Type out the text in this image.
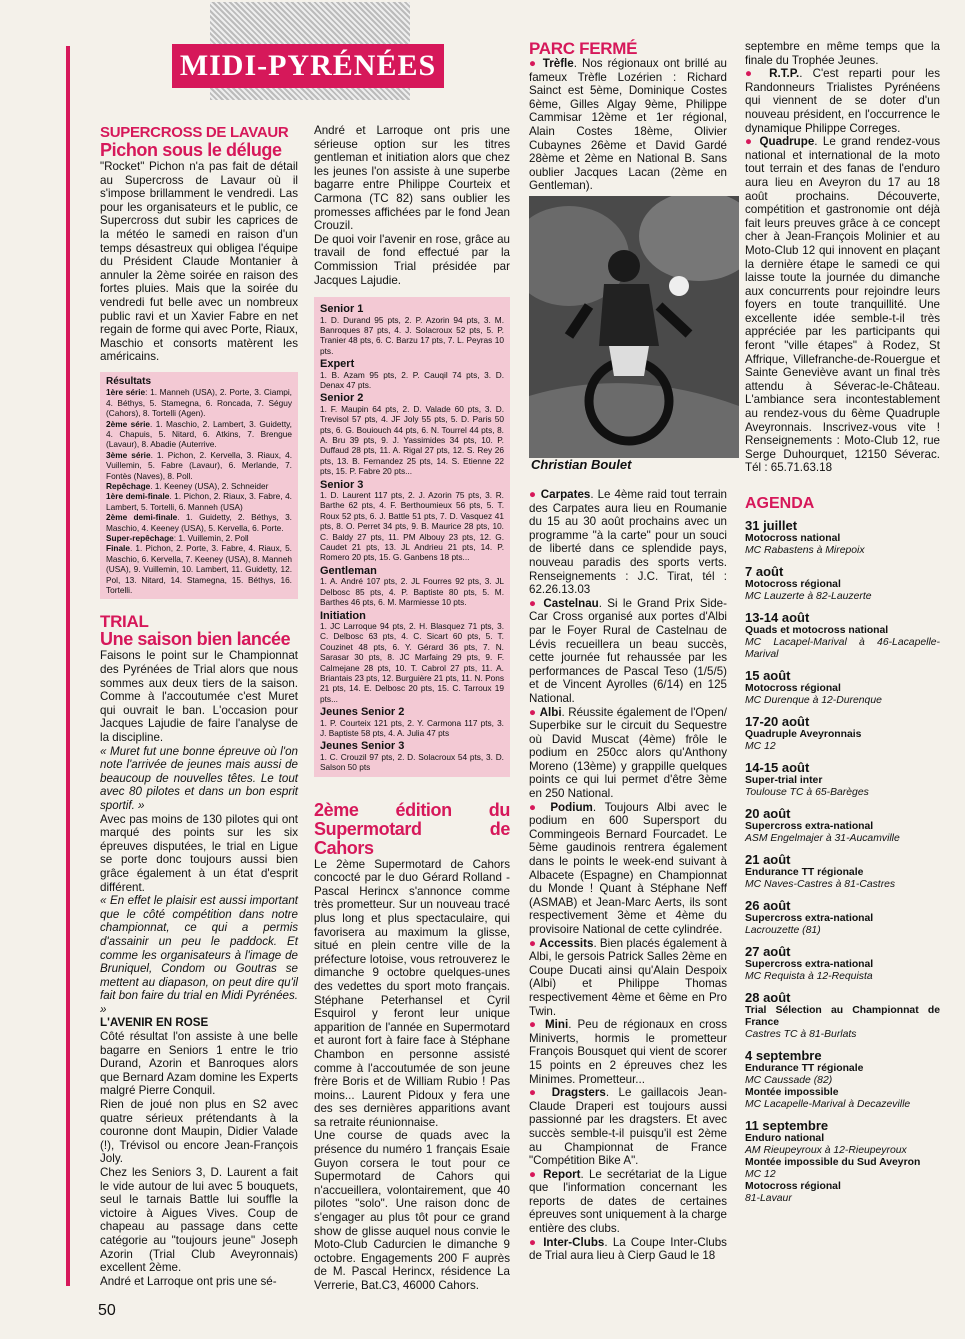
MIDI-PYRÉNÉES
SUPERCROSS DE LAVAUR
Pichon sous le déluge

"Rocket" Pichon n'a pas fait de détail au Supercross de Lavaur où il s'impose brillamment le vendredi. Las pour les organisateurs et le public, ce Supercross dut subir les caprices de la météo le samedi en raison d'un temps désastreux qui obligea l'équipe du Président Claude Montanier à annuler la 2ème soirée en raison des fortes pluies. Mais que la soirée du vendredi fut belle avec un nombreux public ravi et un Xavier Fabre en net regain de forme qui avec Porte, Riaux, Maschio et consorts matèrent les américains.

Résultats

1ère série: 1. Manneh (USA), 2. Porte, 3. Ciampi, 4. Béthys, 5. Stamegna, 6. Roncada, 7. Séguy (Cahors), 8. Tortelli (Agen).

2ème série. 1. Maschio, 2. Lambert, 3. Guidetty, 4. Chapuis, 5. Nitard, 6. Atkins, 7. Brengue (Lavaur), 8. Abadie (Auterrive.

3ème série. 1. Pichon, 2. Kervella, 3. Riaux, 4. Vuillemin, 5. Fabre (Lavaur), 6. Merlande, 7. Fontès (Naves), 8. Poll.

Repêchage. 1. Keeney (USA), 2. Schneider

1ère demi-finale. 1. Pichon, 2. Riaux, 3. Fabre, 4. Lambert, 5. Tortelli, 6. Manneh (USA)

2ème demi-finale. 1. Guidetty, 2. Béthys, 3. Maschio, 4. Keeney (USA), 5. Kervella, 6. Porte.

Super-repêchage: 1. Vuillemin, 2. Poll

Finale. 1. Pichon, 2. Porte, 3. Fabre, 4. Riaux, 5. Maschio, 6. Kervella, 7. Keeney (USA), 8. Manneh (USA), 9. Vuillemin, 10. Lambert, 11. Guidetty, 12. Pol, 13. Nitard, 14. Stamegna, 15. Béthys, 16. Tortelli.

TRIAL
Une saison bien lancée

Faisons le point sur le Championnat des Pyrénées de Trial alors que nous sommes aux deux tiers de la saison. Comme à l'accoutumée c'est Muret qui ouvrait le ban. L'occasion pour Jacques Lajudie de faire l'analyse de la discipline.

« Muret fut une bonne épreuve où l'on note l'arrivée de jeunes mais aussi de beaucoup de nouvelles têtes. Le tout avec 80 pilotes et dans un bon esprit sportif. »

Avec pas moins de 130 pilotes qui ont marqué des points sur les six épreuves disputées, le trial en Ligue se porte donc toujours aussi bien grâce également à un état d'esprit différent.

« En effet le plaisir est aussi important que le côté compétition dans notre championnat, ce qui a permis d'assainir un peu le paddock. Et comme les organisateurs à l'image de Bruniquel, Condom ou Goutras se mettent au diapason, on peut dire qu'il fait bon faire du trial en Midi Pyrénées. »

L'AVENIR EN ROSE

Côté résultat l'on assiste à une belle bagarre en Seniors 1 entre le trio Durand, Azorin et Banroques alors que Bernard Azam domine les Experts malgré Pierre Conquil.

Rien de joué non plus en S2 avec quatre sérieux prétendants à la couronne dont Maupin, Didier Valade (!), Trévisol ou encore Jean-François Joly.

Chez les Seniors 3, D. Laurent a fait le vide autour de lui avec 5 bouquets, seul le tarnais Battle lui souffle la victoire à Aigues Vives. Coup de chapeau au passage dans cette catégorie au "toujours jeune" Joseph Azorin (Trial Club Aveyronnais) excellent 2ème.

André et Larroque ont pris une sé-

André et Larroque ont pris une sérieuse option sur les titres gentleman et initiation alors que chez les jeunes l'on assiste à une superbe bagarre entre Philippe Courteix et Carmona (TC 82) sans oublier les promesses affichées par le fond Jean Crouzil.

De quoi voir l'avenir en rose, grâce au travail de fond effectué par la Commission Trial présidée par Jacques Lajudie.

Senior 1

1. D. Durand 95 pts, 2. P. Azorin 94 pts, 3. M. Banroques 87 pts, 4. J. Solacroux 52 pts, 5. P. Tranier 48 pts, 6. C. Barzu 17 pts, 7. L. Peyras 10 pts.

Expert

1. B. Azam 95 pts, 2. P. Cauqil 74 pts, 3. D. Denax 47 pts.

Senior 2

1. F. Maupin 64 pts, 2. D. Valade 60 pts, 3. D. Trevisol 57 pts, 4. JF Joly 55 pts, 5. D. Paris 50 pts, 6. G. Bouiouch 44 pts, 6. N. Tourrel 44 pts, 8. A. Bru 39 pts, 9. J. Yassimides 34 pts, 10. P. Duffaud 28 pts, 11. A. Rigal 27 pts, 12. S. Rey 26 pts, 13. B. Fernandez 25 pts, 14. S. Etienne 22 pts, 15. P. Fabre 20 pts...

Senior 3

1. D. Laurent 117 pts, 2. J. Azorin 75 pts, 3. R. Barthe 62 pts, 4. F. Berthoumieux 56 pts, 5. T. Roux 52 pts, 6. J. Battle 51 pts, 7. D. Vasquez 41 pts, 8. O. Perret 34 pts, 9. B. Maurice 28 pts, 10. C. Baldy 27 pts, 11. PM Albouy 23 pts, 12. G. Caudet 21 pts, 13. JL Andrieu 21 pts, 14. P. Romero 20 pts, 15. G. Ganbens 18 pts...

Gentleman

1. A. André 107 pts, 2. JL Fourres 92 pts, 3. JL Delbosc 85 pts, 4. P. Baptiste 80 pts, 5. M. Barthes 46 pts, 6. M. Marmiesse 10 pts.

Initiation

1. JC Larroque 94 pts, 2. H. Blasquez 71 pts, 3. C. Delbosc 63 pts, 4. C. Sicart 60 pts, 5. T. Couzinet 48 pts, 6. Y. Gérard 36 pts, 7. N. Sarasar 30 pts, 8. JC Marfaing 29 pts, 9. F. Calmejane 28 pts, 10. T. Cabrol 27 pts, 11. A. Briantais 23 pts, 12. Burguière 21 pts, 11. N. Pons 21 pts, 14. E. Delbosc 20 pts, 15. C. Tarroux 19 pts...

Jeunes Senior 2

1. P. Courteix 121 pts, 2. Y. Carmona 117 pts, 3. J. Baptiste 58 pts, 4. A. Julia 47 pts

Jeunes Senior 3

1. C. Crouzil 97 pts, 2. D. Solacroux 54 pts, 3. D. Salson 50 pts

2ème édition du Supermotard de Cahors

Le 2ème Supermotard de Cahors concocté par le duo Gérard Rolland - Pascal Herincx s'annonce comme très prometteur. Sur un nouveau tracé plus long et plus spectaculaire, qui favorisera au maximum la glisse, situé en plein centre ville de la préfecture lotoise, vous retrouverez le dimanche 9 octobre quelques-unes des vedettes du sport moto français. Stéphane Peterhansel et Cyril Esquirol y feront leur unique apparition de l'année en Supermotard et auront fort à faire face à Stéphane Chambon en personne assisté comme à l'accoutumée de son jeune frère Boris et de William Rubio ! Pas moins... Laurent Pidoux y fera une des ses dernières apparitions avant sa retraite réunionnaise.

Une course de quads avec la présence du numéro 1 français Esaie Guyon corsera le tout pour ce Supermotard de Cahors qui n'accueillera, volontairement, que 40 pilotes "solo". Une raison donc de s'engager au plus tôt pour ce grand show de glisse auquel nous convie le Moto-Club Cadurcien le dimanche 9 octobre. Engagements 200 F auprès de M. Pascal Herincx, résidence La Verrerie, Bat.C3, 46000 Cahors.

PARC FERMÉ

● Trèfle. Nos régionaux ont brillé au fameux Trèfle Lozérien : Richard Sainct est 5ème, Dominique Costes 6ème, Gilles Algay 9ème, Philippe Cammisar 12ème et 1er régional, Alain Costes 18ème, Olivier Cubaynes 26ème et David Gardé 28ème et 2ème en National B. Sans oublier Jacques Lacan (2ème en Gentleman).

Christian Boulet

● Carpates. Le 4ème raid tout terrain des Carpates aura lieu en Roumanie du 15 au 30 août prochains avec un programme "à la carte" pour un souci de liberté dans ce splendide pays, nouveau paradis des sports verts. Renseignements : J.C. Tirat, tél : 62.26.13.03

● Castelnau. Si le Grand Prix Side-Car Cross organisé aux portes d'Albi par le Foyer Rural de Castelnau de Lévis recueillera un beau succès, cette journée fut rehaussée par les performances de Pascal Teso (1/5/5) et de Vincent Ayrolles (6/14) en 125 National.

● Albi. Réussite également de l'Open/ Superbike sur le circuit du Sequestre où David Muscat (4ème) frôle le podium en 250cc alors qu'Anthony Moreno (13ème) y grappille quelques points ce qui lui permet d'être 3ème en 250 National.

● Podium. Toujours Albi avec le podium en 600 Supersport du Commingeois Bernard Fourcadet. Le 5ème gaudinois rentrera également dans le points le week-end suivant à Albacete (Espagne) en Championnat du Monde ! Quant à Stéphane Neff (ASMAB) et Jean-Marc Aerts, ils sont respectivement 3ème et 4ème du provisoire National de cette cylindrée.

● Accessits. Bien placés également à Albi, le gersois Patrick Salles 2ème en Coupe Ducati ainsi qu'Alain Despoix (Albi) et Philippe Thomas respectivement 4ème et 6ème en Pro Twin.

● Mini. Peu de régionaux en cross Miniverts, hormis le prometteur François Bousquet qui vient de scorer 15 points en 2 épreuves chez les Minimes. Prometteur...

● Dragsters. Le gaillacois Jean-Claude Draperi est toujours aussi passionné par les dragsters. Et avec succès semble-t-il puisqu'il est 2ème au Championnat de France "Compétition Bike A".

● Report. Le secrétariat de la Ligue que l'information concernant les reports de dates de certaines épreuves sont uniquement à la charge entière des clubs.

● Inter-Clubs. La Coupe Inter-Clubs de Trial aura lieu à Cierp Gaud le 18

septembre en même temps que la finale du Trophée Jeunes.

● R.T.P.. C'est reparti pour les Randonneurs Trialistes Pyrénéens qui viennent de se doter d'un nouveau président, en l'occurrence le dynamique Philippe Correges.

● Quadrupe. Le grand rendez-vous national et international de la moto tout terrain et des fanas de l'enduro aura lieu en Aveyron du 17 au 18 août prochains. Découverte, compétition et gastronomie ont déjà fait leurs preuves grâce à ce concept cher à Jean-François Molinier et au Moto-Club 12 qui innovent en plaçant la dernière étape le samedi ce qui laisse toute la journée du dimanche aux concurrents pour rejoindre leurs foyers en toute tranquillité. Une excellente idée semble-t-il très appréciée par les participants qui feront "ville étapes" à Rodez, St Affrique, Villefranche-de-Rouergue et Sainte Geneviève avant un final très attendu à Séverac-le-Château. L'ambiance sera incontestablement au rendez-vous du 6ème Quadruple Aveyronnais. Inscrivez-vous vite ! Renseignements : Moto-Club 12, rue Serge Duhourquet, 12150 Séverac. Tél : 65.71.63.18

AGENDA
31 juillet
Motocross national
MC Rabastens à Mirepoix
7 août
Motocross régional
MC Lauzerte à 82-Lauzerte
13-14 août
Quads et motocross national
MC Lacapel-Marival à 46-Lacapelle-Marival
15 août
Motocross régional
MC Durenque à 12-Durenque
17-20 août
Quadruple Aveyronnais
MC 12
14-15 août
Super-trial inter
Toulouse TC à 65-Barèges
20 août
Supercross extra-national
ASM Engelmajer à 31-Aucamville
21 août
Endurance TT régionale
MC Naves-Castres à 81-Castres
26 août
Supercross extra-national
Lacrouzette (81)
27 août
Supercross extra-national
MC Requista à 12-Requista
28 août
Trial Sélection au Championnat de France
Castres TC à 81-Burlats
4 septembre
Endurance TT régionale
MC Caussade (82)
Montée impossible
MC Lacapelle-Marival à Decazeville
11 septembre
Enduro national
AM Rieupeyroux à 12-Rieupeyroux
Montée impossible du Sud Aveyron
MC 12
Motocross régional
81-Lavaur
50
